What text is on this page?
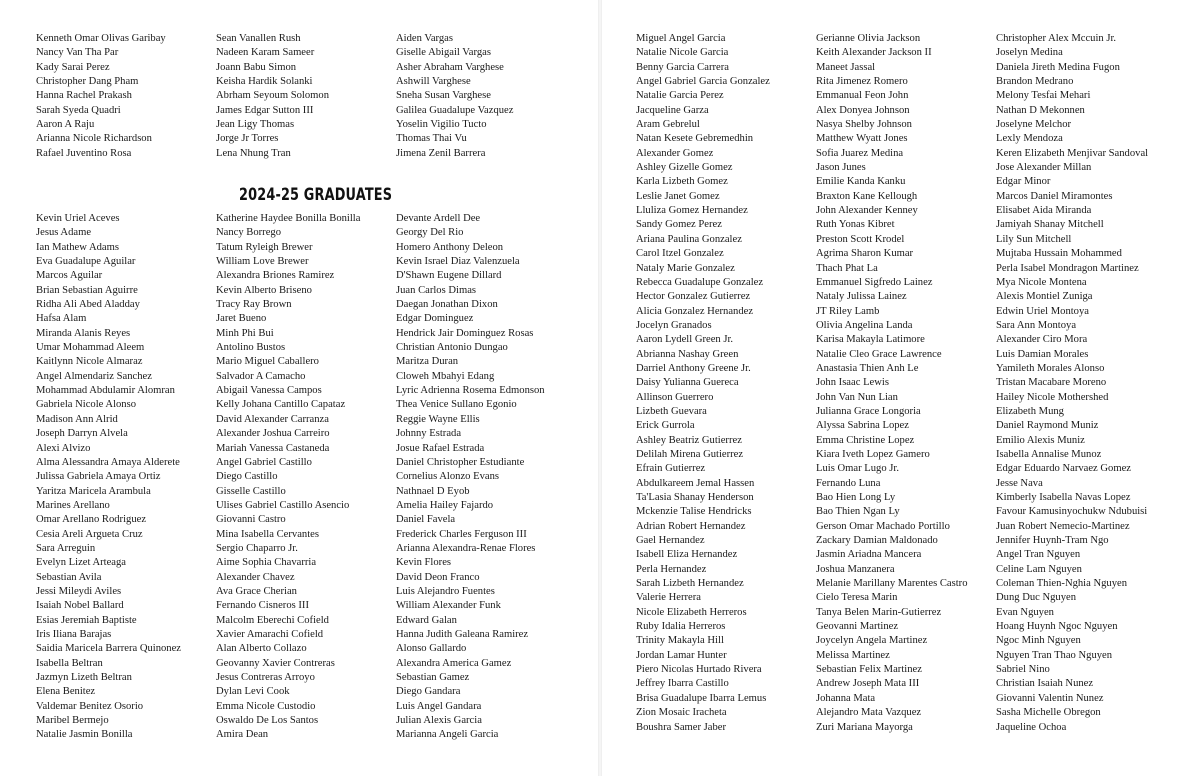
Kenneth Omar Olivas Garibay
Nancy Van Tha Par
Kady Sarai Perez
Christopher Dang Pham
Hanna Rachel Prakash
Sarah Syeda Quadri
Aaron A Raju
Arianna Nicole Richardson
Rafael Juventino Rosa
Sean Vanallen Rush
Nadeen Karam Sameer
Joann Babu Simon
Keisha Hardik Solanki
Abrham Seyoum Solomon
James Edgar Sutton III
Jean Ligy Thomas
Jorge Jr Torres
Lena Nhung Tran
Aiden Vargas
Giselle Abigail Vargas
Asher Abraham Varghese
Ashwill Varghese
Sneha Susan Varghese
Galilea Guadalupe Vazquez
Yoselin Vigilio Tucto
Thomas Thai Vu
Jimena Zenil Barrera
2024-25 GRADUATES
Kevin Uriel Aceves
Jesus Adame
Ian Mathew Adams
Eva Guadalupe Aguilar
Marcos Aguilar
Brian Sebastian Aguirre
Ridha Ali Abed Aladday
Hafsa Alam
Miranda Alanis Reyes
Umar Mohammad Aleem
Kaitlynn Nicole Almaraz
Angel Almendariz Sanchez
Mohammad Abdulamir Alomran
Gabriela Nicole Alonso
Madison Ann Alrid
Joseph Darryn Alvela
Alexi Alvizo
Alma Alessandra Amaya Alderete
Julissa Gabriela Amaya Ortiz
Yaritza Maricela Arambula
Marines Arellano
Omar Arellano Rodriguez
Cesia Areli Argueta Cruz
Sara Arreguin
Evelyn Lizet Arteaga
Sebastian Avila
Jessi Mileydi Aviles
Isaiah Nobel Ballard
Esias Jeremiah Baptiste
Iris Iliana Barajas
Saidia Maricela Barrera Quinonez
Isabella Beltran
Jazmyn Lizeth Beltran
Elena Benitez
Valdemar Benitez Osorio
Maribel Bermejo
Natalie Jasmin Bonilla
Katherine Haydee Bonilla Bonilla
Nancy Borrego
Tatum Ryleigh Brewer
William Love Brewer
Alexandra Briones Ramirez
Kevin Alberto Briseno
Tracy Ray Brown
Jaret Bueno
Minh Phi Bui
Antolino Bustos
Mario Miguel Caballero
Salvador A Camacho
Abigail Vanessa Campos
Kelly Johana Cantillo Capataz
David Alexander Carranza
Alexander Joshua Carreiro
Mariah Vanessa Castaneda
Angel Gabriel Castillo
Diego Castillo
Gisselle Castillo
Ulises Gabriel Castillo Asencio
Giovanni Castro
Mina Isabella Cervantes
Sergio Chaparro Jr.
Aime Sophia Chavarria
Alexander Chavez
Ava Grace Cherian
Fernando Cisneros III
Malcolm Eberechi Cofield
Xavier Amarachi Cofield
Alan Alberto Collazo
Geovanny Xavier Contreras
Jesus Contreras Arroyo
Dylan Levi Cook
Emma Nicole Custodio
Oswaldo De Los Santos
Amira Dean
Devante Ardell Dee
Georgy Del Rio
Homero Anthony Deleon
Kevin Israel Diaz Valenzuela
D'Shawn Eugene Dillard
Juan Carlos Dimas
Daegan Jonathan Dixon
Edgar Dominguez
Hendrick Jair Dominguez Rosas
Christian Antonio Dungao
Maritza Duran
Cloweh Mbahyi Edang
Lyric Adrienna Rosema Edmonson
Thea Venice Sullano Egonio
Reggie Wayne Ellis
Johnny Estrada
Josue Rafael Estrada
Daniel Christopher Estudiante
Cornelius Alonzo Evans
Nathnael D Eyob
Amelia Hailey Fajardo
Daniel Favela
Frederick Charles Ferguson III
Arianna Alexandra-Renae Flores
Kevin Flores
David Deon Franco
Luis Alejandro Fuentes
William Alexander Funk
Edward Galan
Hanna Judith Galeana Ramirez
Alonso Gallardo
Alexandra America Gamez
Sebastian Gamez
Diego Gandara
Luis Angel Gandara
Julian Alexis Garcia
Marianna Angeli Garcia
Miguel Angel Garcia
Natalie Nicole Garcia
Benny Garcia Carrera
Angel Gabriel Garcia Gonzalez
Natalie Garcia Perez
Jacqueline Garza
Aram Gebrelul
Natan Kesete Gebremedhin
Alexander Gomez
Ashley Gizelle Gomez
Karla Lizbeth Gomez
Leslie Janet Gomez
Lluliza Gomez Hernandez
Sandy Gomez Perez
Ariana Paulina Gonzalez
Carol Itzel Gonzalez
Nataly Marie Gonzalez
Rebecca Guadalupe Gonzalez
Hector Gonzalez Gutierrez
Alicia Gonzalez Hernandez
Jocelyn Granados
Aaron Lydell Green Jr.
Abrianna Nashay Green
Darriel Anthony Greene Jr.
Daisy Yulianna Guereca
Allinson Guerrero
Lizbeth Guevara
Erick Gurrola
Ashley Beatriz Gutierrez
Delilah Mirena Gutierrez
Efrain Gutierrez
Abdulkareem Jemal Hassen
Ta'Lasia Shanay Henderson
Mckenzie Talise Hendricks
Adrian Robert Hernandez
Gael Hernandez
Isabell Eliza Hernandez
Perla Hernandez
Sarah Lizbeth Hernandez
Valerie Herrera
Nicole Elizabeth Herreros
Ruby Idalia Herreros
Trinity Makayla Hill
Jordan Lamar Hunter
Piero Nicolas Hurtado Rivera
Jeffrey Ibarra Castillo
Brisa Guadalupe Ibarra Lemus
Zion Mosaic Iracheta
Boushra Samer Jaber
Gerianne Olivia Jackson
Keith Alexander Jackson II
Maneet Jassal
Rita Jimenez Romero
Emmanual Feon John
Alex Donyea Johnson
Nasya Shelby Johnson
Matthew Wyatt Jones
Sofia Juarez Medina
Jason Junes
Emilie Kanda Kanku
Braxton Kane Kellough
John Alexander Kenney
Ruth Yonas Kibret
Preston Scott Krodel
Agrima Sharon Kumar
Thach Phat La
Emmanuel Sigfredo Lainez
Nataly Julissa Lainez
JT Riley Lamb
Olivia Angelina Landa
Karisa Makayla Latimore
Natalie Cleo Grace Lawrence
Anastasia Thien Anh Le
John Isaac Lewis
John Van Nun Lian
Julianna Grace Longoria
Alyssa Sabrina Lopez
Emma Christine Lopez
Kiara Iveth Lopez Gamero
Luis Omar Lugo Jr.
Fernando Luna
Bao Hien Long Ly
Bao Thien Ngan Ly
Gerson Omar Machado Portillo
Zackary Damian Maldonado
Jasmin Ariadna Mancera
Joshua Manzanera
Melanie Marillany Marentes Castro
Cielo Teresa Marin
Tanya Belen Marin-Gutierrez
Geovanni Martinez
Joycelyn Angela Martinez
Melissa Martinez
Sebastian Felix Martinez
Andrew Joseph Mata III
Johanna Mata
Alejandro Mata Vazquez
Zuri Mariana Mayorga
Christopher Alex Mccuin Jr.
Joselyn Medina
Daniela Jireth Medina Fugon
Brandon Medrano
Melony Tesfai Mehari
Nathan D Mekonnen
Joselyne Melchor
Lexly Mendoza
Keren Elizabeth Menjivar Sandoval
Jose Alexander Millan
Edgar Minor
Marcos Daniel Miramontes
Elisabet Aida Miranda
Jamiyah Shanay Mitchell
Lily Sun Mitchell
Mujtaba Hussain Mohammed
Perla Isabel Mondragon Martinez
Mya Nicole Montena
Alexis Montiel Zuniga
Edwin Uriel Montoya
Sara Ann Montoya
Alexander Ciro Mora
Luis Damian Morales
Yamileth Morales Alonso
Tristan Macabare Moreno
Hailey Nicole Mothershed
Elizabeth Mung
Daniel Raymond Muniz
Emilio Alexis Muniz
Isabella Annalise Munoz
Edgar Eduardo Narvaez Gomez
Jesse Nava
Kimberly Isabella Navas Lopez
Favour Kamusinyochukw Ndubuisi
Juan Robert Nemecio-Martinez
Jennifer Huynh-Tram Ngo
Angel Tran Nguyen
Celine Lam Nguyen
Coleman Thien-Nghia Nguyen
Dung Duc Nguyen
Evan Nguyen
Hoang Huynh Ngoc Nguyen
Ngoc Minh Nguyen
Nguyen Tran Thao Nguyen
Sabriel Nino
Christian Isaiah Nunez
Giovanni Valentin Nunez
Sasha Michelle Obregon
Jaqueline Ochoa
